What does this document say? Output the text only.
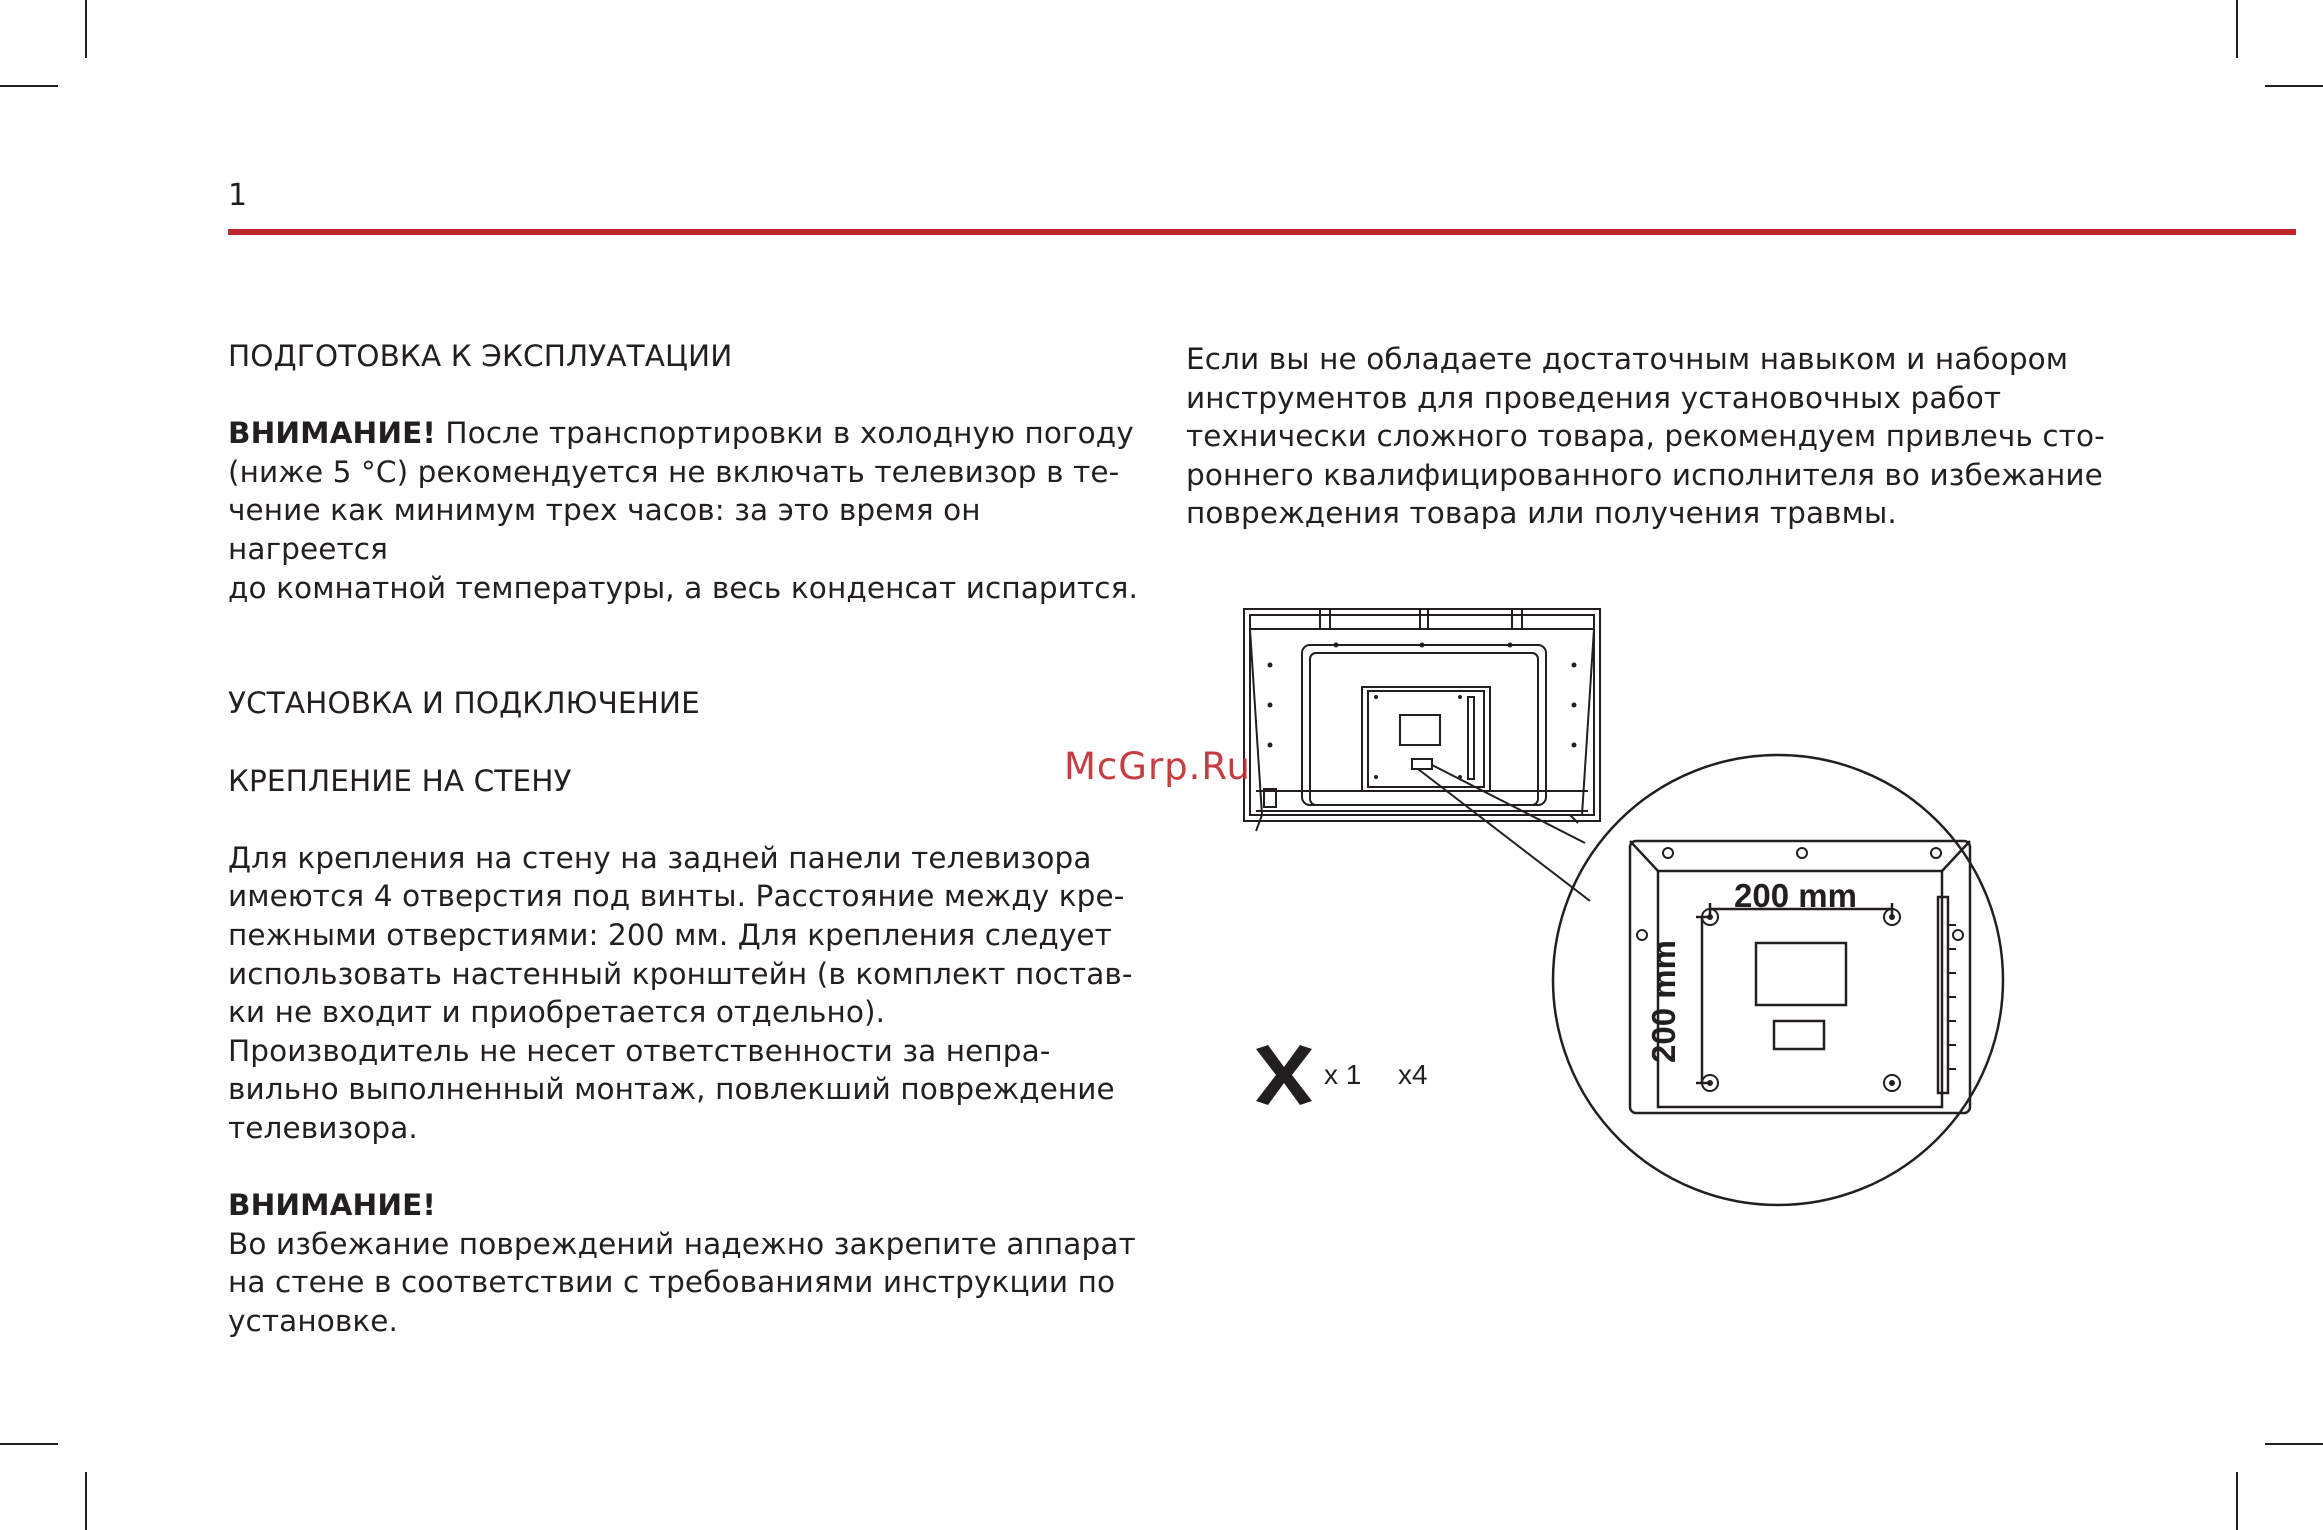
1
ПОДГОТОВКА К ЭКСПЛУАТАЦИИ

ВНИМАНИЕ! После транспортировки в холодную погоду
(ниже 5 °C) рекомендуется не включать телевизор в те-
чение как минимум трех часов: за это время он нагреется
до комнатной температуры, а весь конденсат испарится.

УСТАНОВКА И ПОДКЛЮЧЕНИЕ
КРЕПЛЕНИЕ НА СТЕНУ

Для крепления на стену на задней панели телевизора
имеются 4 отверстия под винты. Расстояние между кре-
пежными отверстиями: 200 мм. Для крепления следует
использовать настенный кронштейн (в комплект постав-
ки не входит и приобретается отдельно).
Производитель не несет ответственности за непра-
вильно выполненный монтаж, повлекший повреждение
телевизора.

ВНИМАНИЕ!
Во избежание повреждений надежно закрепите аппарат
на стене в соответствии с требованиями инструкции по
установке.

Если вы не обладаете достаточным навыком и набором
инструментов для проведения установочных работ
технически сложного товара, рекомендуем привлечь сто-
роннего квалифицированного исполнителя во избежание
повреждения товара или получения травмы.

200 mm
200 mm
x 1 x4
McGrp.Ru
